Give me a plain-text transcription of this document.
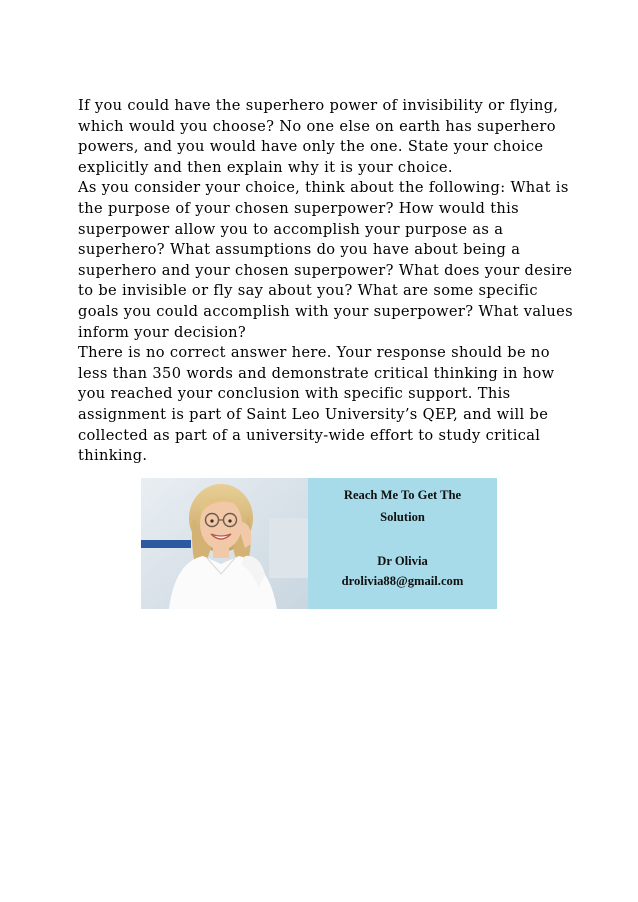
If you could have the superhero power of invisibility or flying,
which would you choose? No one else on earth has superhero
powers, and you would have only the one. State your choice
explicitly and then explain why it is your choice.

As you consider your choice, think about the following: What is
the purpose of your chosen superpower? How would this
superpower allow you to accomplish your purpose as a
superhero? What assumptions do you have about being a
superhero and your chosen superpower? What does your desire
to be invisible or fly say about you? What are some specific
goals you could accomplish with your superpower? What values
inform your decision?

There is no correct answer here. Your response should be no
less than 350 words and demonstrate critical thinking in how
you reached your conclusion with specific support. This
assignment is part of Saint Leo University’s QEP, and will be
collected as part of a university-wide effort to study critical
thinking.

Reach Me To Get The
Solution
Dr Olivia
drolivia88@gmail.com
